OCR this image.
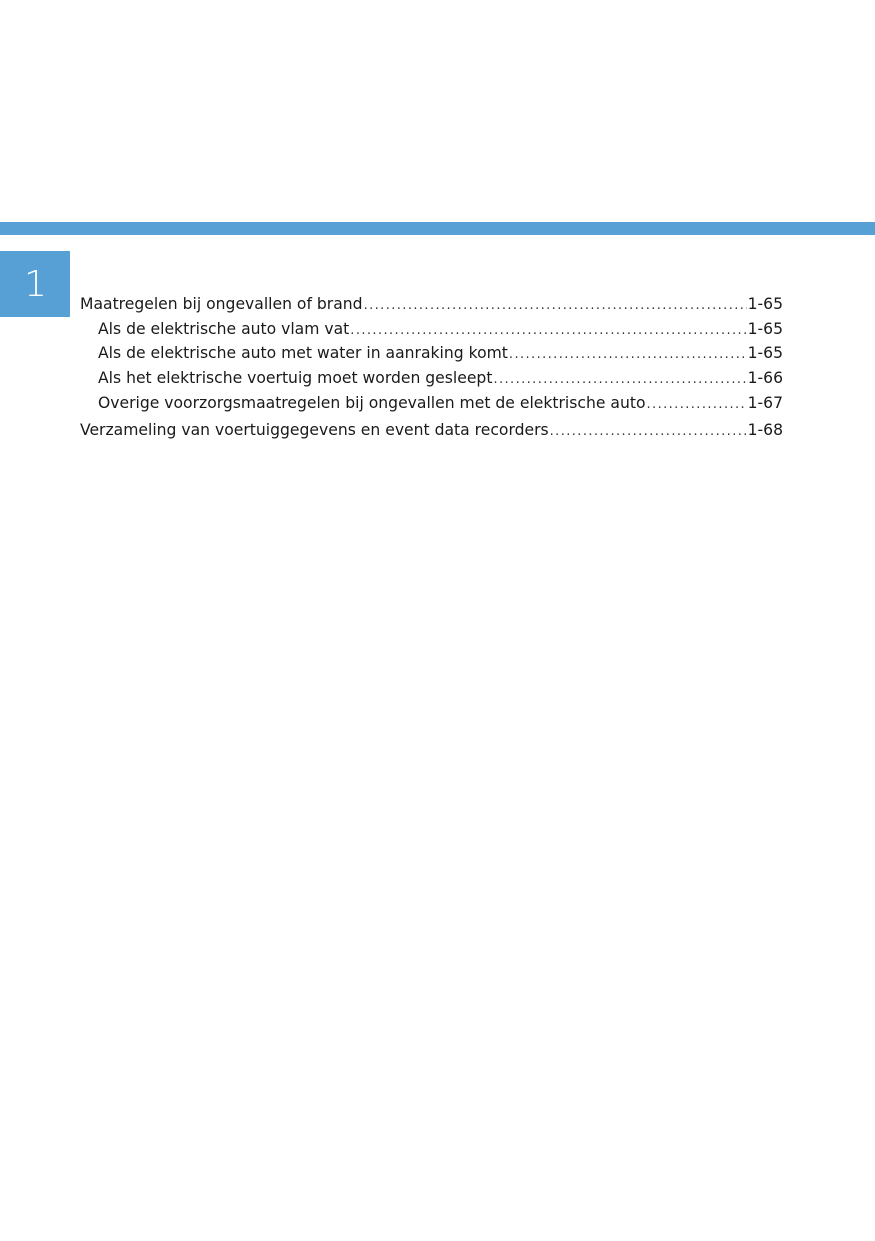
1 Maatregelen bij ongevallen of brand .....	1-65
Als de elektrische auto vlam vat .....	1-65
Als de elektrische auto met water in aanraking komt .....	1-65
Als het elektrische voertuig moet worden gesleept .....	1-66
Overige voorzorgsmaatregelen bij ongevallen met de elektrische auto .....	1-67
Verzameling van voertuiggegevens en event data recorders .....	1-68
